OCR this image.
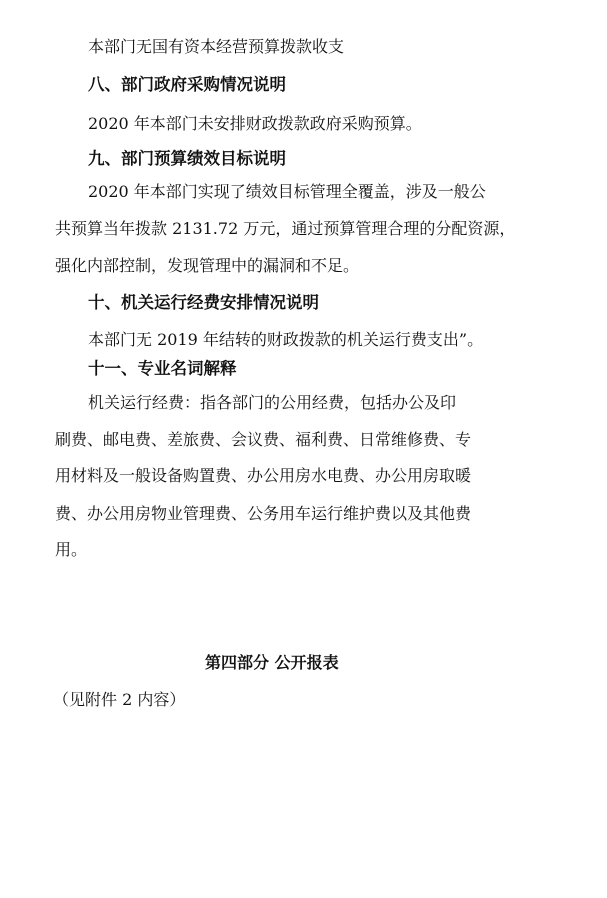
本部门无国有资本经营预算拨款收支
八、部门政府采购情况说明
2020 年本部门未安排财政拨款政府采购预算。
九、部门预算绩效目标说明
2020 年本部门实现了绩效目标管理全覆盖，涉及一般公
共预算当年拨款 2131.72 万元，通过预算管理合理的分配资源，
强化内部控制，发现管理中的漏洞和不足。
十、机关运行经费安排情况说明
本部门无 2019 年结转的财政拨款的机关运行费支出”。
十一、专业名词解释
机关运行经费：指各部门的公用经费，包括办公及印
刷费、邮电费、差旅费、会议费、福利费、日常维修费、专
用材料及一般设备购置费、办公用房水电费、办公用房取暖
费、办公用房物业管理费、公务用车运行维护费以及其他费
用。
第四部分 公开报表
（见附件 2 内容）
